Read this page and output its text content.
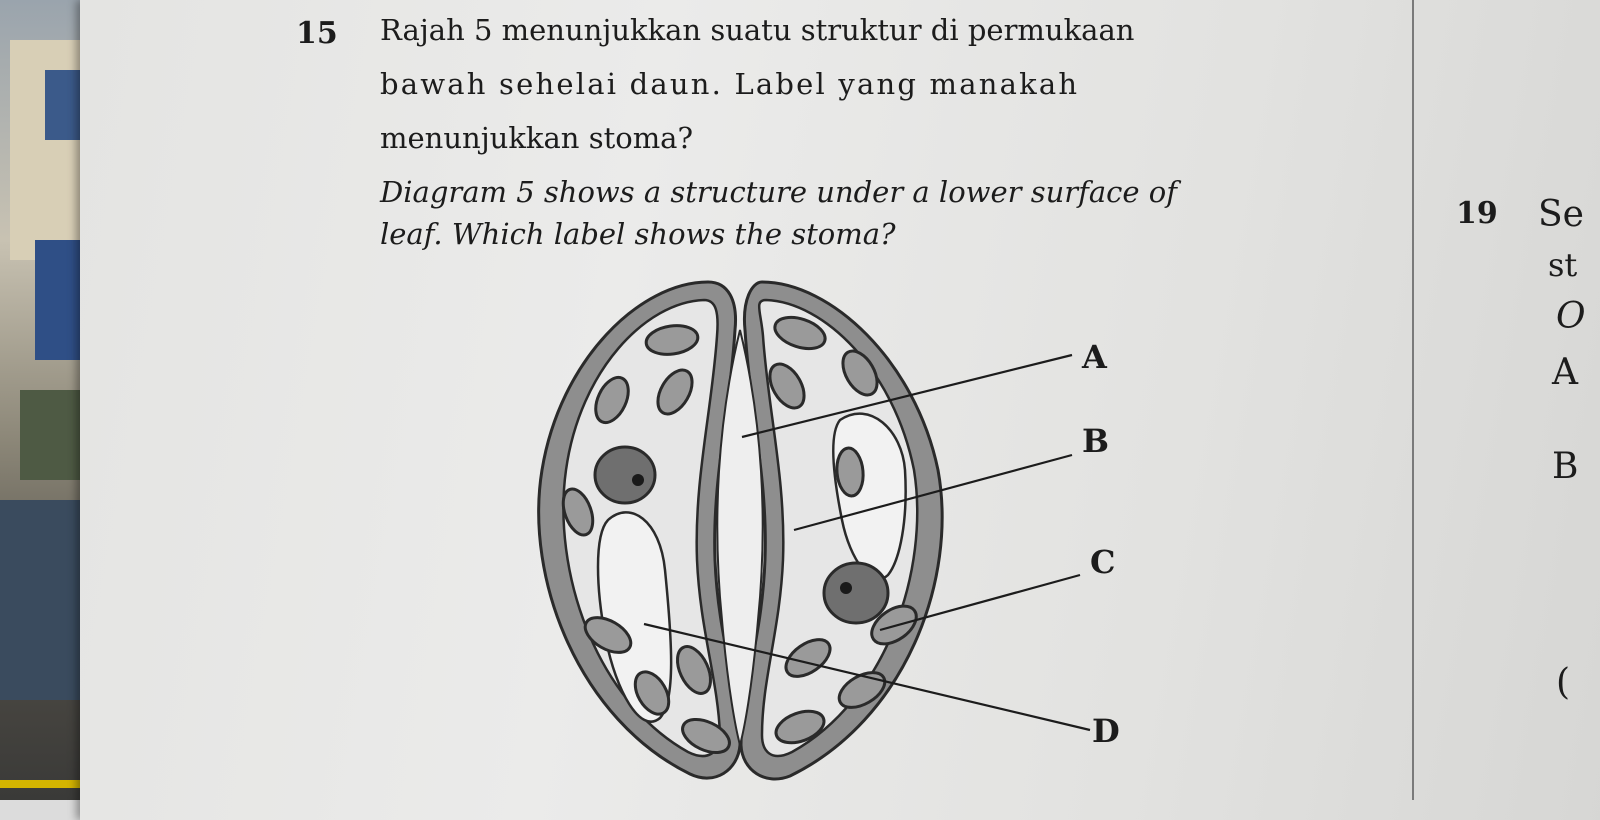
15 Rajah 5 menunjukkan suatu struktur di permukaan
bawah sehelai daun. Label yang manakah
menunjukkan stoma?
Diagram 5 shows a structure under a lower surface of
leaf. Which label shows the stoma?
19 Se
st
O
A
B
(
A
B
C
D
